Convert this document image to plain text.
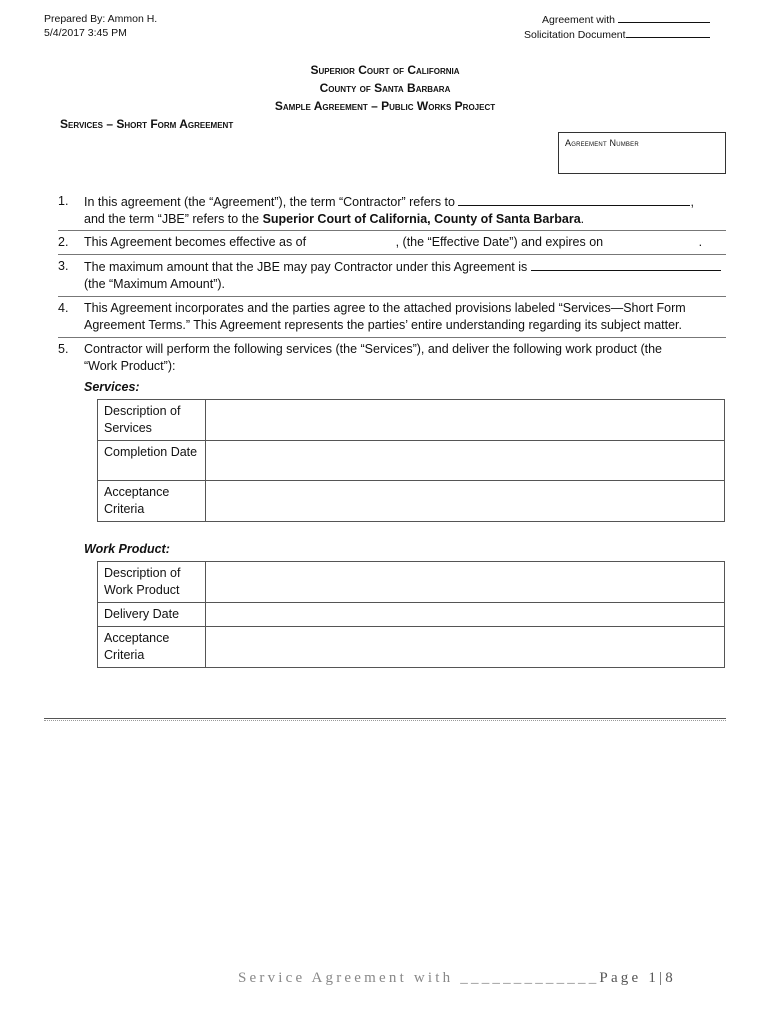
Prepared By: Ammon H.
5/4/2017 3:45 PM
Agreement with
Solicitation Document
Superior Court of California
County of Santa Barbara
Sample Agreement – Public Works Project
Services – Short Form Agreement
Agreement Number
1.	In this agreement (the “Agreement”), the term “Contractor” refers to	,
and the term “JBE” refers to the Superior Court of California, County of Santa Barbara.
2.	This Agreement becomes effective as of	, (the “Effective Date”) and expires on	.
3.	The maximum amount that the JBE may pay Contractor under this Agreement is
(the “Maximum Amount”).
4.	This Agreement incorporates and the parties agree to the attached provisions labeled “Services—Short Form
Agreement Terms.” This Agreement represents the parties’ entire understanding regarding its subject matter.
5.	Contractor will perform the following services (the “Services”), and deliver the following work product (the
“Work Product”):
Services:
Description of Services	
Completion Date	
Acceptance Criteria	
Work Product:
Description of Work Product	
Delivery Date	
Acceptance Criteria	
Service Agreement with _____________Page 1|8
